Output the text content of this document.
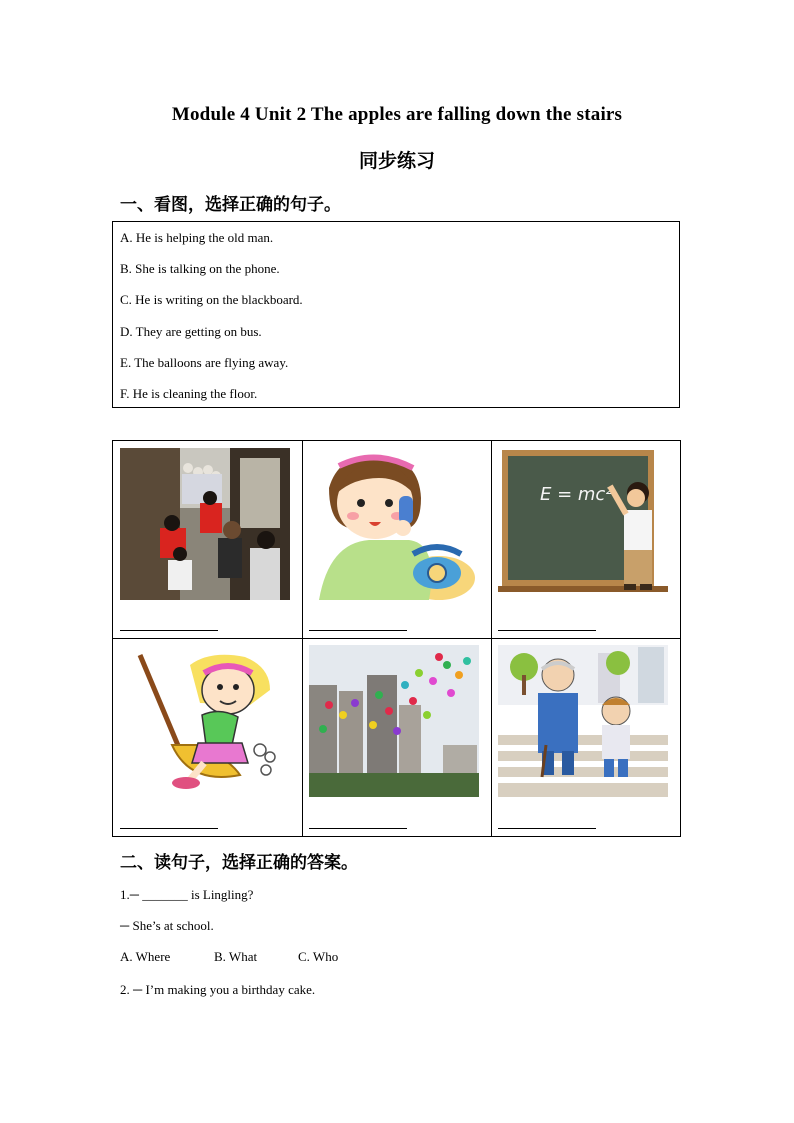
Module 4 Unit 2 The apples are falling down the stairs
同步练习
一、看图，选择正确的句子。
A. He is helping the old man.
B. She is talking on the phone.
C. He is writing on the blackboard.
D. They are getting on bus.
E. The balloons are flying away.
F. He is cleaning the floor.
E = mc²
二、读句子，选择正确的答案。
1.─ _______ is Lingling?
─ She’s at school.
A. Where	B. What	C. Who
2. ─ I’m making you a birthday cake.
